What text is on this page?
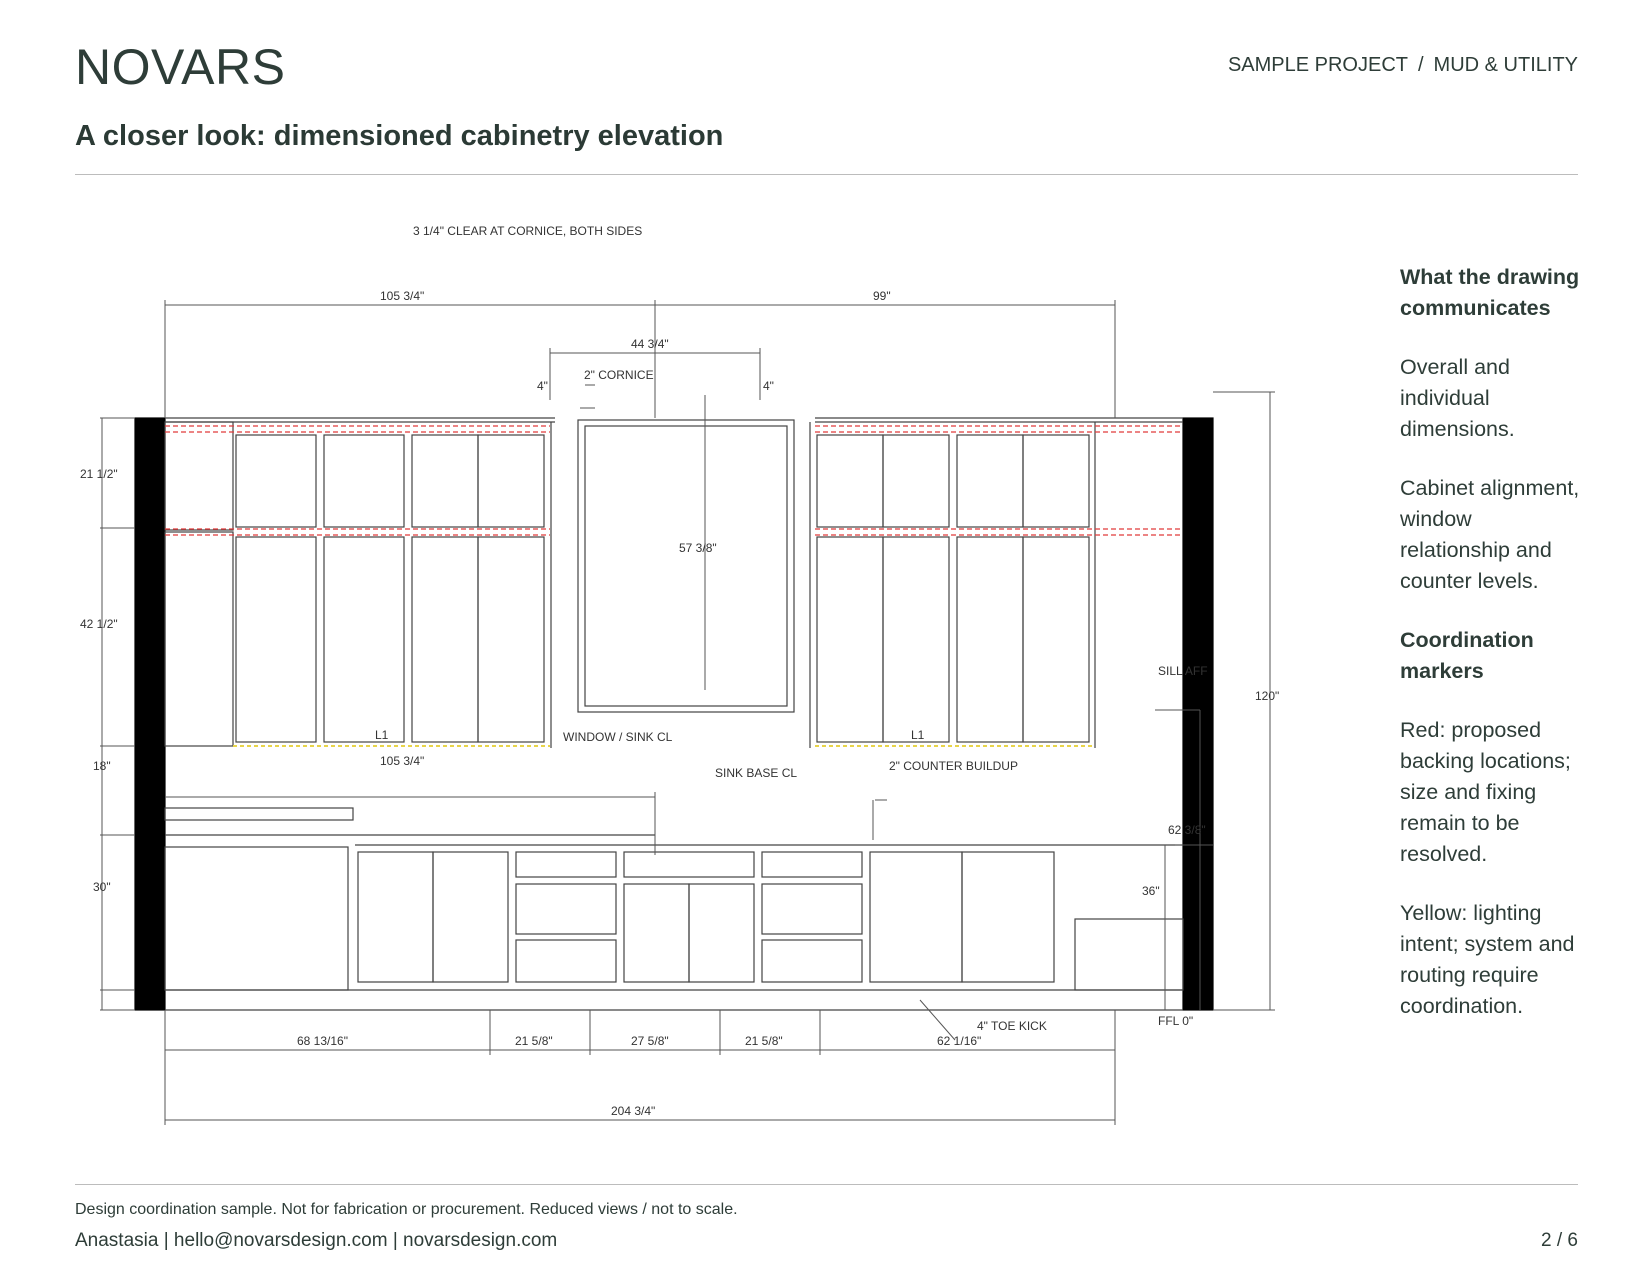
NOVARS	SAMPLE PROJECT / MUD & UTILITY
A closer look: dimensioned cabinetry elevation
3 1/4" CLEAR AT CORNICE, BOTH SIDES
105 3/4"	99"
44 3/4"
4"	4"
2" CORNICE
57 3/8"
21 1/2"
42 1/2"
18"
30"
L1	L1
WINDOW / SINK CL
105 3/4"
SINK BASE CL	2" COUNTER BUILDUP
SILL AFF
120"
62 3/8"
36"
FFL 0"
4" TOE KICK
68 13/16"	21 5/8"	27 5/8"	21 5/8"	62 1/16"
204 3/4"
What the drawing communicates

Overall and individual dimensions.

Cabinet alignment, window relationship and counter levels.

Coordination markers

Red: proposed backing locations; size and fixing remain to be resolved.

Yellow: lighting intent; system and routing require coordination.

Design coordination sample. Not for fabrication or procurement. Reduced views / not to scale.
Anastasia | hello@novarsdesign.com | novarsdesign.com	2 / 6
